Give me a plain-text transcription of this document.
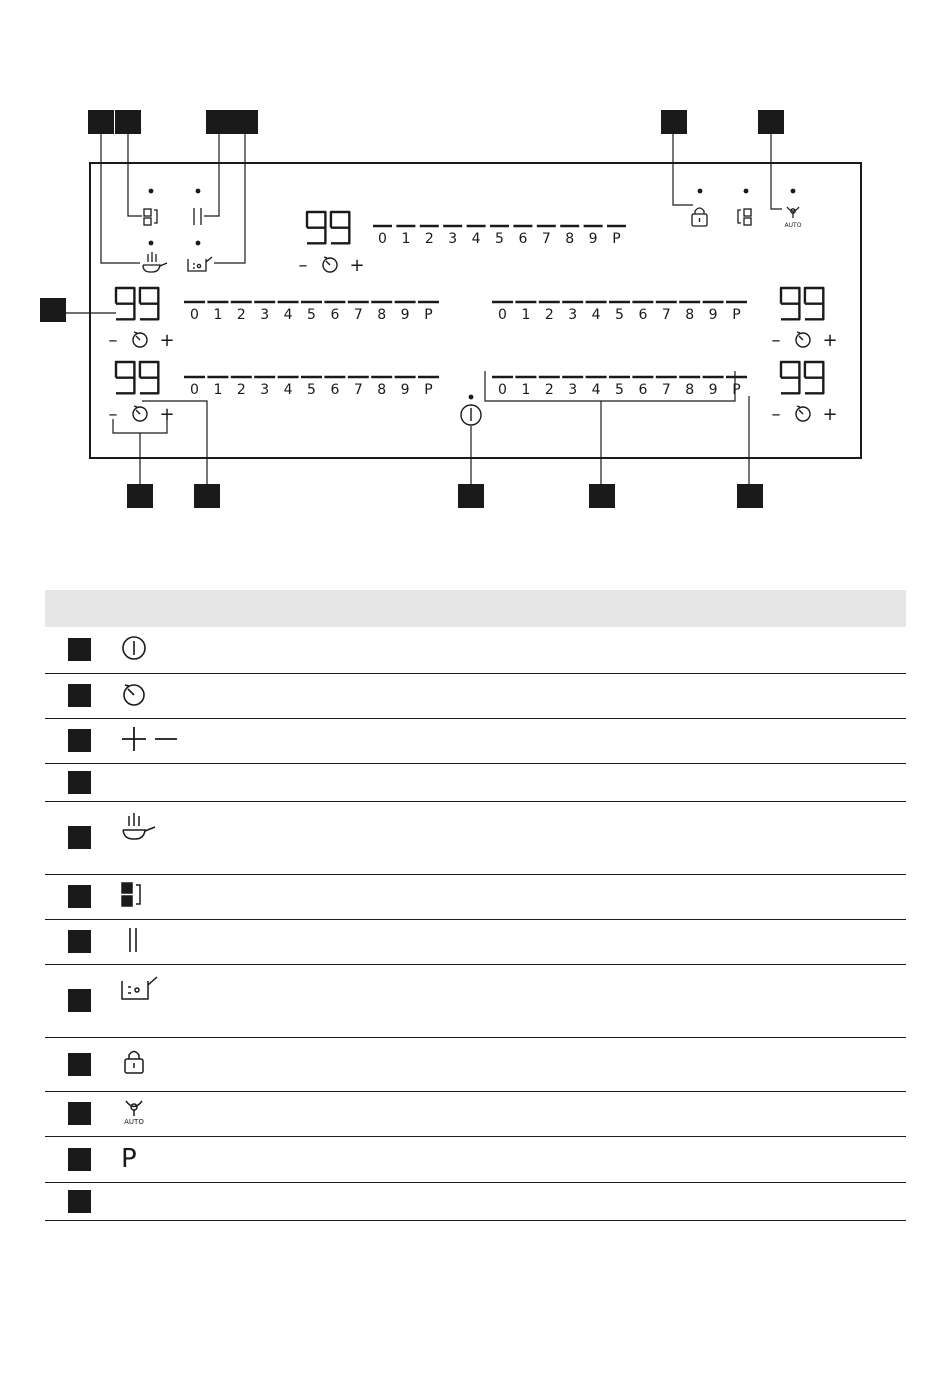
AUTO
0 1 2 3 4 5 6 7 8 9 P
– +
0 1 2 3 4 5 6 7 8 9 P
– +
0 1 2 3 4 5 6 7 8 9 P
– +
0 1 2 3 4 5 6 7 8 9 P
– +
0 1 2 3 4 5 6 7 8 9 P
– +

AUTO	

	P	
